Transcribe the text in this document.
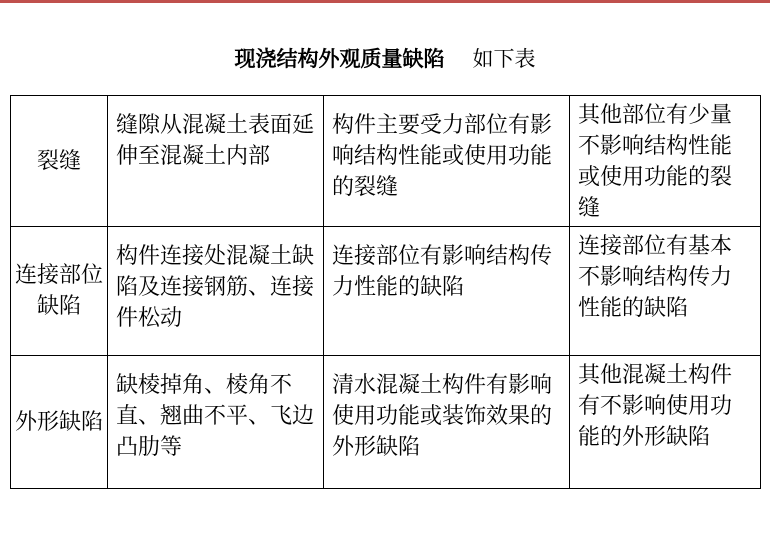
现浇结构外观质量缺陷 如下表
裂缝	缝隙从混凝土表面延伸至混凝土内部	构件主要受力部位有影响结构性能或使用功能的裂缝	其他部位有少量不影响结构性能或使用功能的裂缝
连接部位缺陷	构件连接处混凝土缺陷及连接钢筋、连接件松动	连接部位有影响结构传力性能的缺陷	连接部位有基本不影响结构传力性能的缺陷
外形缺陷	缺棱掉角、棱角不直、翘曲不平、飞边凸肋等	清水混凝土构件有影响使用功能或装饰效果的外形缺陷	其他混凝土构件有不影响使用功能的外形缺陷
